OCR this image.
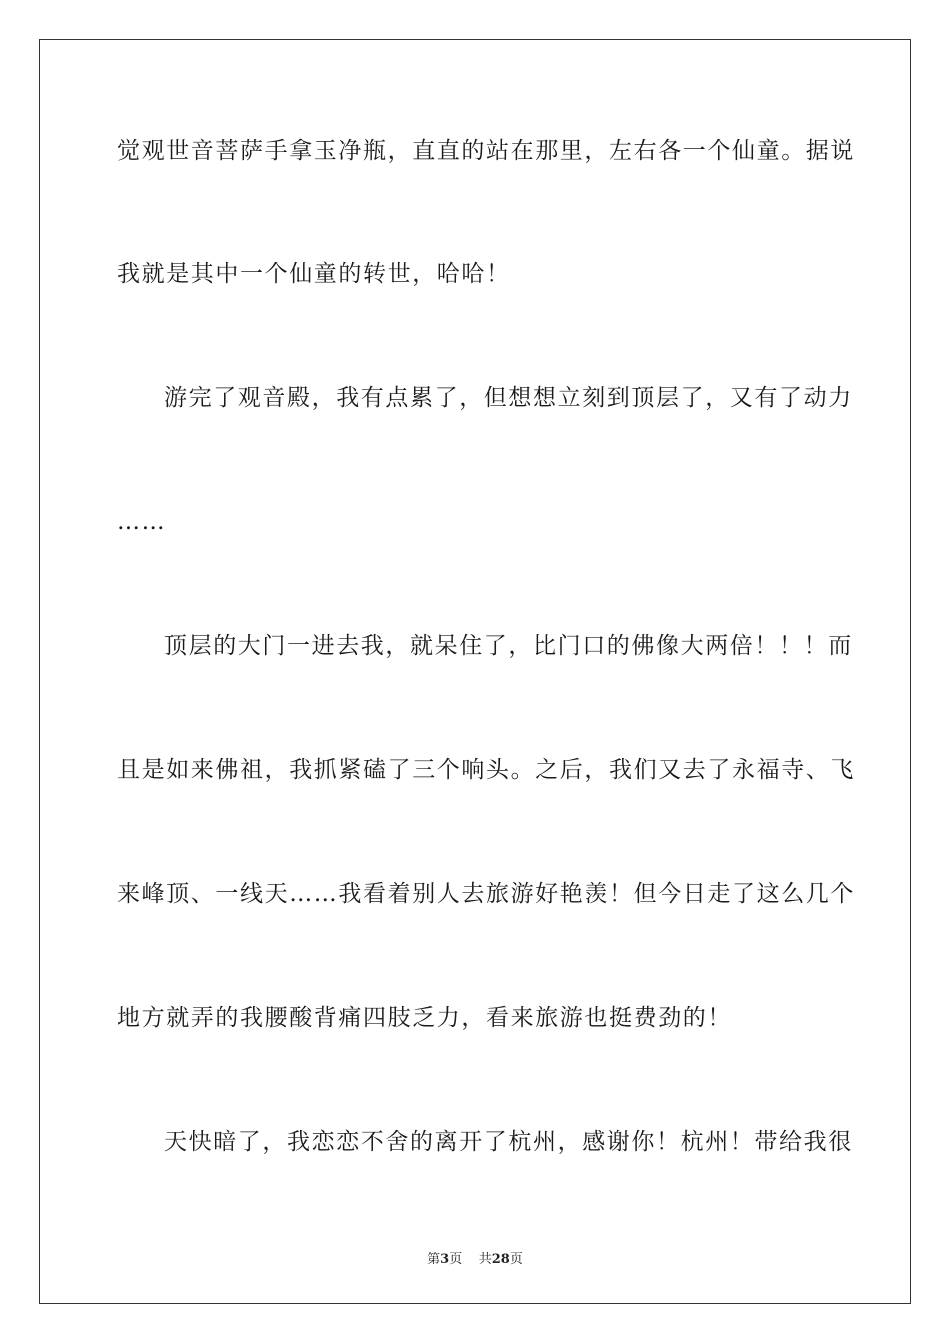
觉观世音菩萨手拿玉净瓶，直直的站在那里，左右各一个仙童。据说
我就是其中一个仙童的转世，哈哈！
游完了观音殿，我有点累了，但想想立刻到顶层了，又有了动力
……
顶层的大门一进去我，就呆住了，比门口的佛像大两倍！！！而
且是如来佛祖，我抓紧磕了三个响头。之后，我们又去了永福寺、飞
来峰顶、一线天……我看着别人去旅游好艳羡！但今日走了这么几个
地方就弄的我腰酸背痛四肢乏力，看来旅游也挺费劲的！
天快暗了，我恋恋不舍的离开了杭州，感谢你！杭州！带给我很
第3页 共28页
